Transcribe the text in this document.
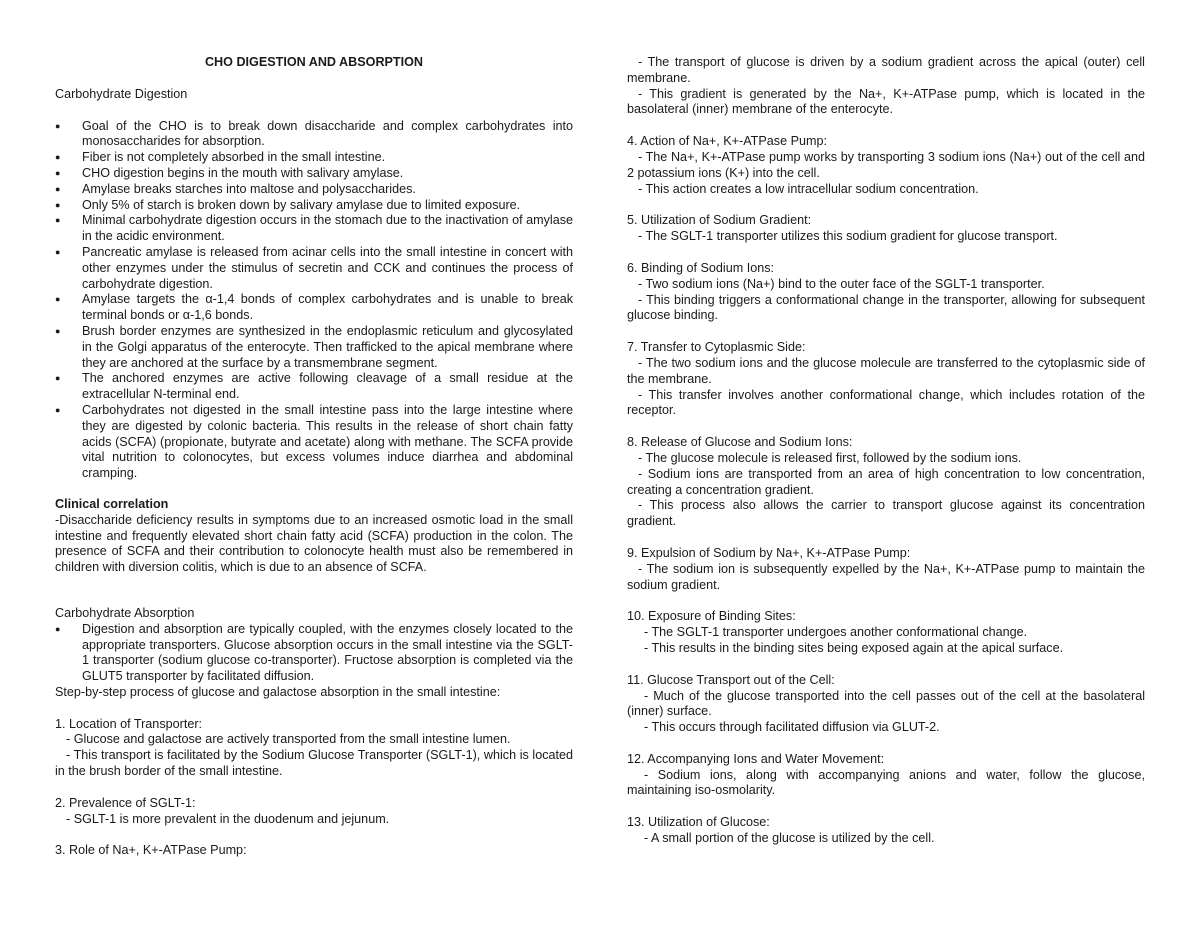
CHO DIGESTION AND ABSORPTION
Carbohydrate Digestion
● Goal of the CHO is to break down disaccharide and complex carbohydrates into monosaccharides for absorption.
● Fiber is not completely absorbed in the small intestine.
● CHO digestion begins in the mouth with salivary amylase.
● Amylase breaks starches into maltose and polysaccharides.
● Only 5% of starch is broken down by salivary amylase due to limited exposure.
● Minimal carbohydrate digestion occurs in the stomach due to the inactivation of amylase in the acidic environment.
● Pancreatic amylase is released from acinar cells into the small intestine in concert with other enzymes under the stimulus of secretin and CCK and continues the process of carbohydrate digestion.
● Amylase targets the α-1,4 bonds of complex carbohydrates and is unable to break terminal bonds or α-1,6 bonds.
● Brush border enzymes are synthesized in the endoplasmic reticulum and glycosylated in the Golgi apparatus of the enterocyte. Then trafficked to the apical membrane where they are anchored at the surface by a transmembrane segment.
● The anchored enzymes are active following cleavage of a small residue at the extracellular N-terminal end.
● Carbohydrates not digested in the small intestine pass into the large intestine where they are digested by colonic bacteria. This results in the release of short chain fatty acids (SCFA) (propionate, butyrate and acetate) along with methane. The SCFA provide vital nutrition to colonocytes, but excess volumes induce diarrhea and abdominal cramping.
Clinical correlation
-Disaccharide deficiency results in symptoms due to an increased osmotic load in the small intestine and frequently elevated short chain fatty acid (SCFA) production in the colon. The presence of SCFA and their contribution to colonocyte health must also be remembered in children with diversion colitis, which is due to an absence of SCFA.
Carbohydrate Absorption
● Digestion and absorption are typically coupled, with the enzymes closely located to the appropriate transporters. Glucose absorption occurs in the small intestine via the SGLT-1 transporter (sodium glucose co-transporter). Fructose absorption is completed via the GLUT5 transporter by facilitated diffusion.
Step-by-step process of glucose and galactose absorption in the small intestine:
1. Location of Transporter:
- Glucose and galactose are actively transported from the small intestine lumen.
- This transport is facilitated by the Sodium Glucose Transporter (SGLT-1), which is located in the brush border of the small intestine.
2. Prevalence of SGLT-1:
- SGLT-1 is more prevalent in the duodenum and jejunum.
3. Role of Na+, K+-ATPase Pump:
- The transport of glucose is driven by a sodium gradient across the apical (outer) cell membrane.
- This gradient is generated by the Na+, K+-ATPase pump, which is located in the basolateral (inner) membrane of the enterocyte.
4. Action of Na+, K+-ATPase Pump:
- The Na+, K+-ATPase pump works by transporting 3 sodium ions (Na+) out of the cell and 2 potassium ions (K+) into the cell.
- This action creates a low intracellular sodium concentration.
5. Utilization of Sodium Gradient:
- The SGLT-1 transporter utilizes this sodium gradient for glucose transport.
6. Binding of Sodium Ions:
- Two sodium ions (Na+) bind to the outer face of the SGLT-1 transporter.
- This binding triggers a conformational change in the transporter, allowing for subsequent glucose binding.
7. Transfer to Cytoplasmic Side:
- The two sodium ions and the glucose molecule are transferred to the cytoplasmic side of the membrane.
- This transfer involves another conformational change, which includes rotation of the receptor.
8. Release of Glucose and Sodium Ions:
- The glucose molecule is released first, followed by the sodium ions.
- Sodium ions are transported from an area of high concentration to low concentration, creating a concentration gradient.
- This process also allows the carrier to transport glucose against its concentration gradient.
9. Expulsion of Sodium by Na+, K+-ATPase Pump:
- The sodium ion is subsequently expelled by the Na+, K+-ATPase pump to maintain the sodium gradient.
10. Exposure of Binding Sites:
- The SGLT-1 transporter undergoes another conformational change.
- This results in the binding sites being exposed again at the apical surface.
11. Glucose Transport out of the Cell:
- Much of the glucose transported into the cell passes out of the cell at the basolateral (inner) surface.
- This occurs through facilitated diffusion via GLUT-2.
12. Accompanying Ions and Water Movement:
- Sodium ions, along with accompanying anions and water, follow the glucose, maintaining iso-osmolarity.
13. Utilization of Glucose:
- A small portion of the glucose is utilized by the cell.
